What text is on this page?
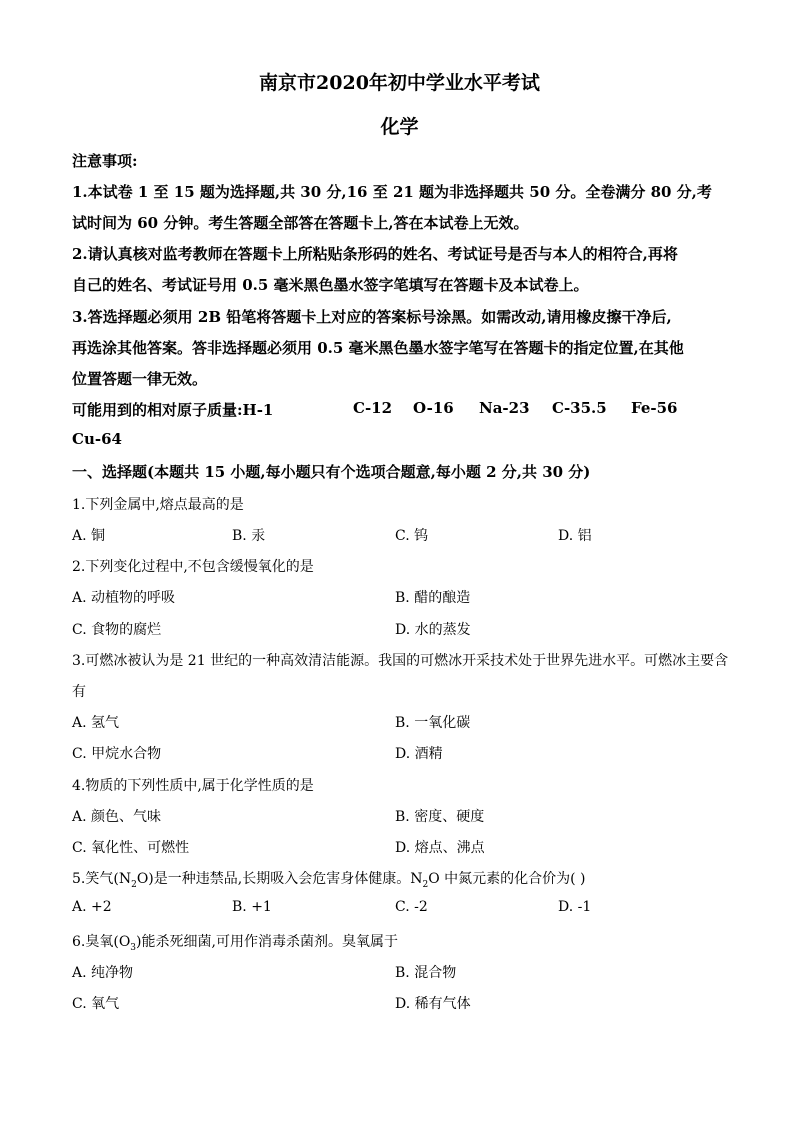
南京市2020年初中学业水平考试
化学
注意事项:
1.本试卷 1 至 15 题为选择题,共 30 分,16 至 21 题为非选择题共 50 分。全卷满分 80 分,考
试时间为 60 分钟。考生答题全部答在答题卡上,答在本试卷上无效。
2.请认真核对监考教师在答题卡上所粘贴条形码的姓名、考试证号是否与本人的相符合,再将
自己的姓名、考试证号用 0.5 毫米黑色墨水签字笔填写在答题卡及本试卷上。
3.答选择题必须用 2B 铅笔将答题卡上对应的答案标号涂黑。如需改动,请用橡皮擦干净后,
再选涂其他答案。答非选择题必须用 0.5 毫米黑色墨水签字笔写在答题卡的指定位置,在其他
位置答题一律无效。
可能用到的相对原子质量:H-1	C-12 O-16 Na-23 C-35.5 Fe-56
Cu-64
一、选择题(本题共 15 小题,每小题只有个选项合题意,每小题 2 分,共 30 分)
1.下列金属中,熔点最高的是
A. 铜	B. 汞	C. 钨	D. 铝
2.下列变化过程中,不包含缓慢氧化的是
A. 动植物的呼吸	B. 醋的酿造
C. 食物的腐烂	D. 水的蒸发
3.可燃冰被认为是 21 世纪的一种高效清洁能源。我国的可燃冰开采技术处于世界先进水平。可燃冰主要含
有
A. 氢气	B. 一氧化碳
C. 甲烷水合物	D. 酒精
4.物质的下列性质中,属于化学性质的是
A. 颜色、气味	B. 密度、硬度
C. 氧化性、可燃性	D. 熔点、沸点
5.笑气$(N_2O)$是一种违禁品,长期吸入会危害身体健康。$N_2O$ 中氮元素的化合价为( )
A. +2	B. +1	C. -2	D. -1
6.臭氧$(O_3)$能杀死细菌,可用作消毒杀菌剂。臭氧属于
A. 纯净物	B. 混合物
C. 氧气	D. 稀有气体
